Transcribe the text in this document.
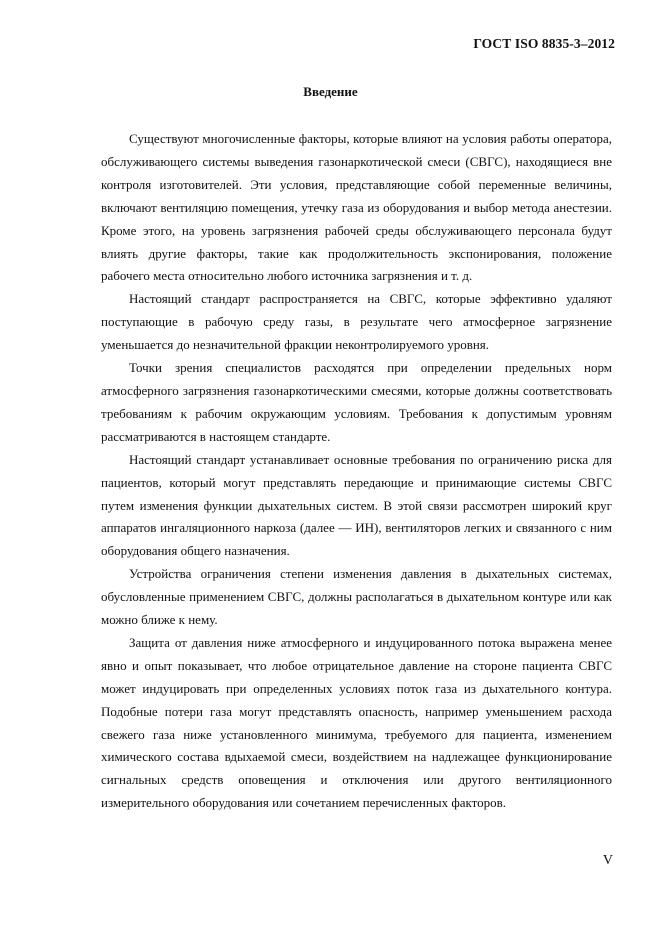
ГОСТ ISO 8835-3–2012
Введение

Существуют многочисленные факторы, которые влияют на условия работы оператора, обслуживающего системы выведения газонаркотической смеси (СВГС), находящиеся вне контроля изготовителей. Эти условия, представляющие собой переменные величины, включают вентиляцию помещения, утечку газа из оборудования и выбор метода анестезии. Кроме этого, на уровень загрязнения рабочей среды обслуживающего персонала будут влиять другие факторы, такие как продолжительность экспонирования, положение рабочего места относительно любого источника загрязнения и т. д.

Настоящий стандарт распространяется на СВГС, которые эффективно удаляют поступающие в рабочую среду газы, в результате чего атмосферное загрязнение уменьшается до незначительной фракции неконтролируемого уровня.

Точки зрения специалистов расходятся при определении предельных норм атмосферного загрязнения газонаркотическими смесями, которые должны соответствовать требованиям к рабочим окружающим условиям. Требования к допустимым уровням рассматриваются в настоящем стандарте.

Настоящий стандарт устанавливает основные требования по ограничению риска для пациентов, который могут представлять передающие и принимающие системы СВГС путем изменения функции дыхательных систем. В этой связи рассмотрен широкий круг аппаратов ингаляционного наркоза (далее — ИН), вентиляторов легких и связанного с ним оборудования общего назначения.

Устройства ограничения степени изменения давления в дыхательных системах, обусловленные применением СВГС, должны располагаться в дыхательном контуре или как можно ближе к нему.

Защита от давления ниже атмосферного и индуцированного потока выражена менее явно и опыт показывает, что любое отрицательное давление на стороне пациента СВГС может индуцировать при определенных условиях поток газа из дыхательного контура. Подобные потери газа могут представлять опасность, например уменьшением расхода свежего газа ниже установленного минимума, требуемого для пациента, изменением химического состава вдыхаемой смеси, воздействием на надлежащее функционирование сигнальных средств оповещения и отключения или другого вентиляционного измерительного оборудования или сочетанием перечисленных факторов.

V
